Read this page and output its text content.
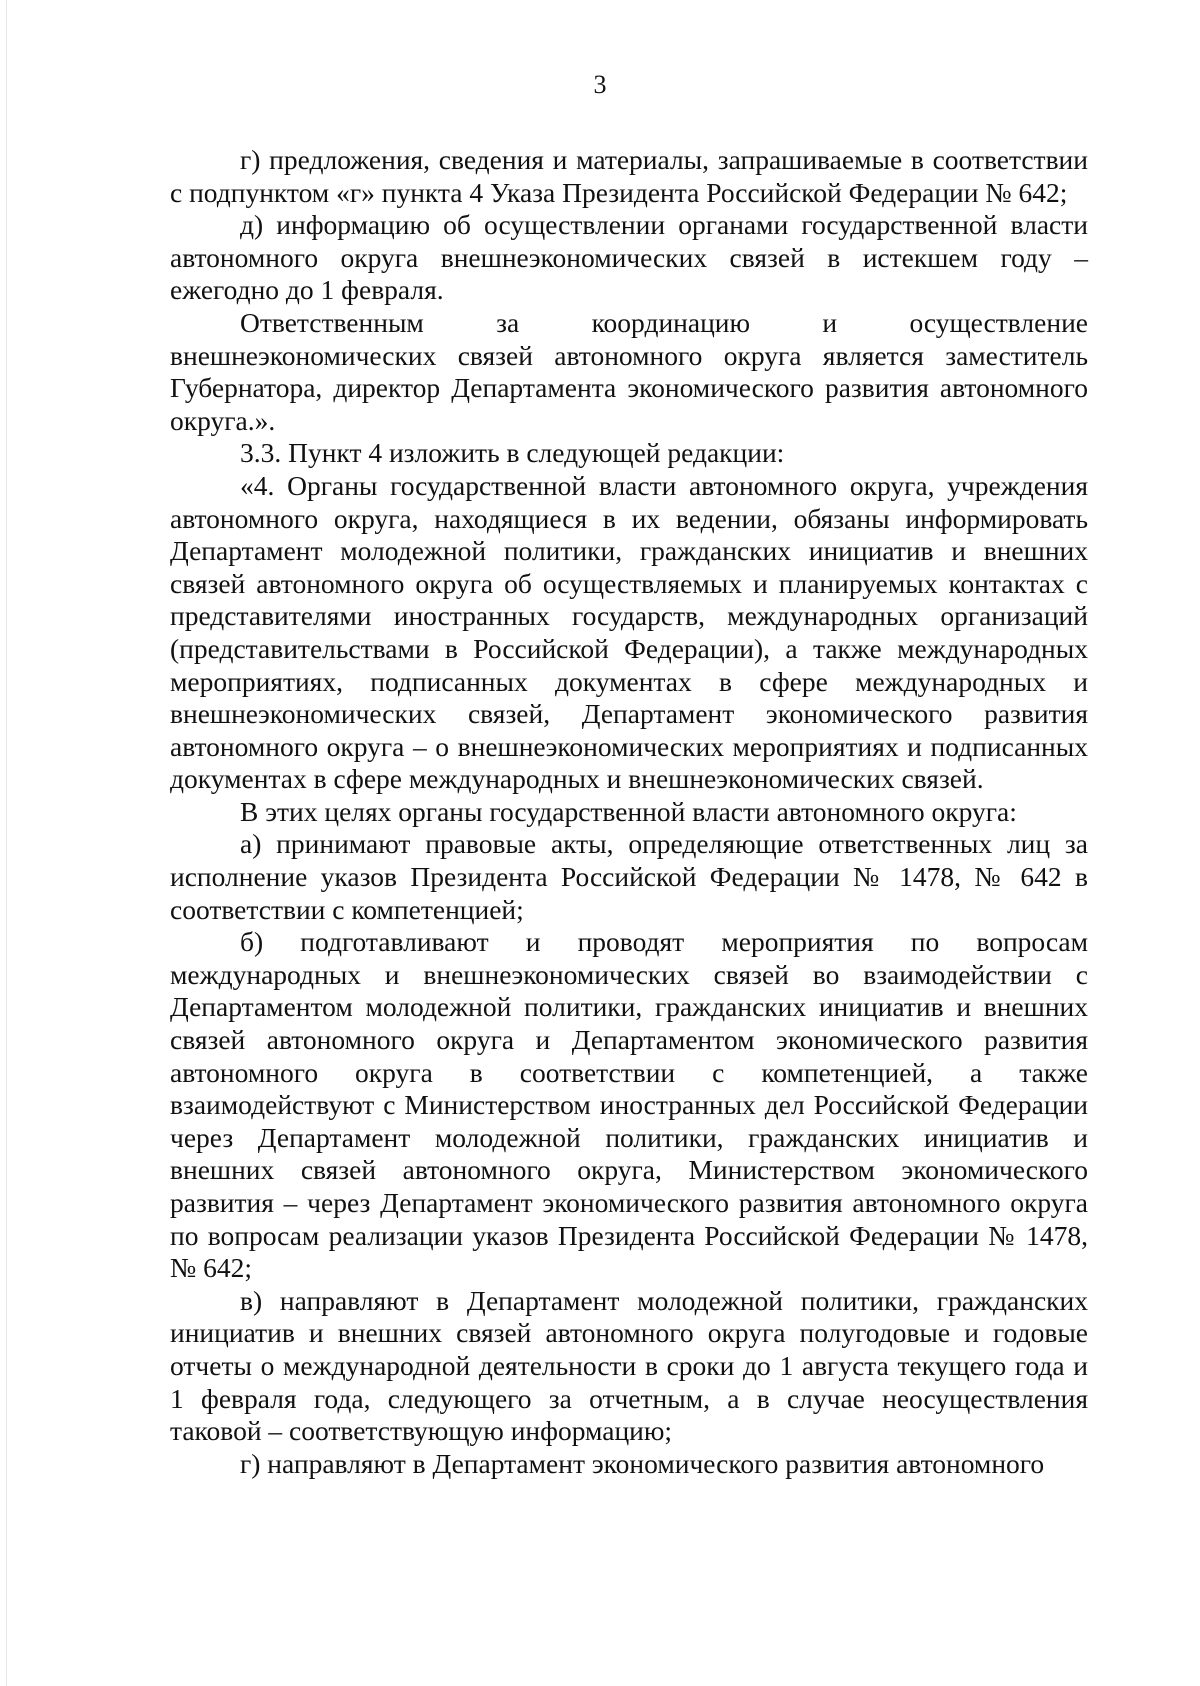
3

г) предложения, сведения и материалы, запрашиваемые в соответствии с подпунктом «г» пункта 4 Указа Президента Российской Федерации № 642;

д) информацию об осуществлении органами государственной власти автономного округа внешнеэкономических связей в истекшем году – ежегодно до 1 февраля.

Ответственным за координацию и осуществление внешнеэкономических связей автономного округа является заместитель Губернатора, директор Департамента экономического развития автономного округа.».

3.3. Пункт 4 изложить в следующей редакции:

«4. Органы государственной власти автономного округа, учреждения автономного округа, находящиеся в их ведении, обязаны информировать Департамент молодежной политики, гражданских инициатив и внешних связей автономного округа об осуществляемых и планируемых контактах с представителями иностранных государств, международных организаций (представительствами в Российской Федерации), а также международных мероприятиях, подписанных документах в сфере международных и внешнеэкономических связей, Департамент экономического развития автономного округа – о внешнеэкономических мероприятиях и подписанных документах в сфере международных и внешнеэкономических связей.

В этих целях органы государственной власти автономного округа:

а) принимают правовые акты, определяющие ответственных лиц за исполнение указов Президента Российской Федерации № 1478, № 642 в соответствии с компетенцией;

б) подготавливают и проводят мероприятия по вопросам международных и внешнеэкономических связей во взаимодействии с Департаментом молодежной политики, гражданских инициатив и внешних связей автономного округа и Департаментом экономического развития автономного округа в соответствии с компетенцией, а также взаимодействуют с Министерством иностранных дел Российской Федерации через Департамент молодежной политики, гражданских инициатив и внешних связей автономного округа, Министерством экономического развития – через Департамент экономического развития автономного округа по вопросам реализации указов Президента Российской Федерации № 1478, № 642;

в) направляют в Департамент молодежной политики, гражданских инициатив и внешних связей автономного округа полугодовые и годовые отчеты о международной деятельности в сроки до 1 августа текущего года и 1 февраля года, следующего за отчетным, а в случае неосуществления таковой – соответствующую информацию;

г) направляют в Департамент экономического развития автономного
